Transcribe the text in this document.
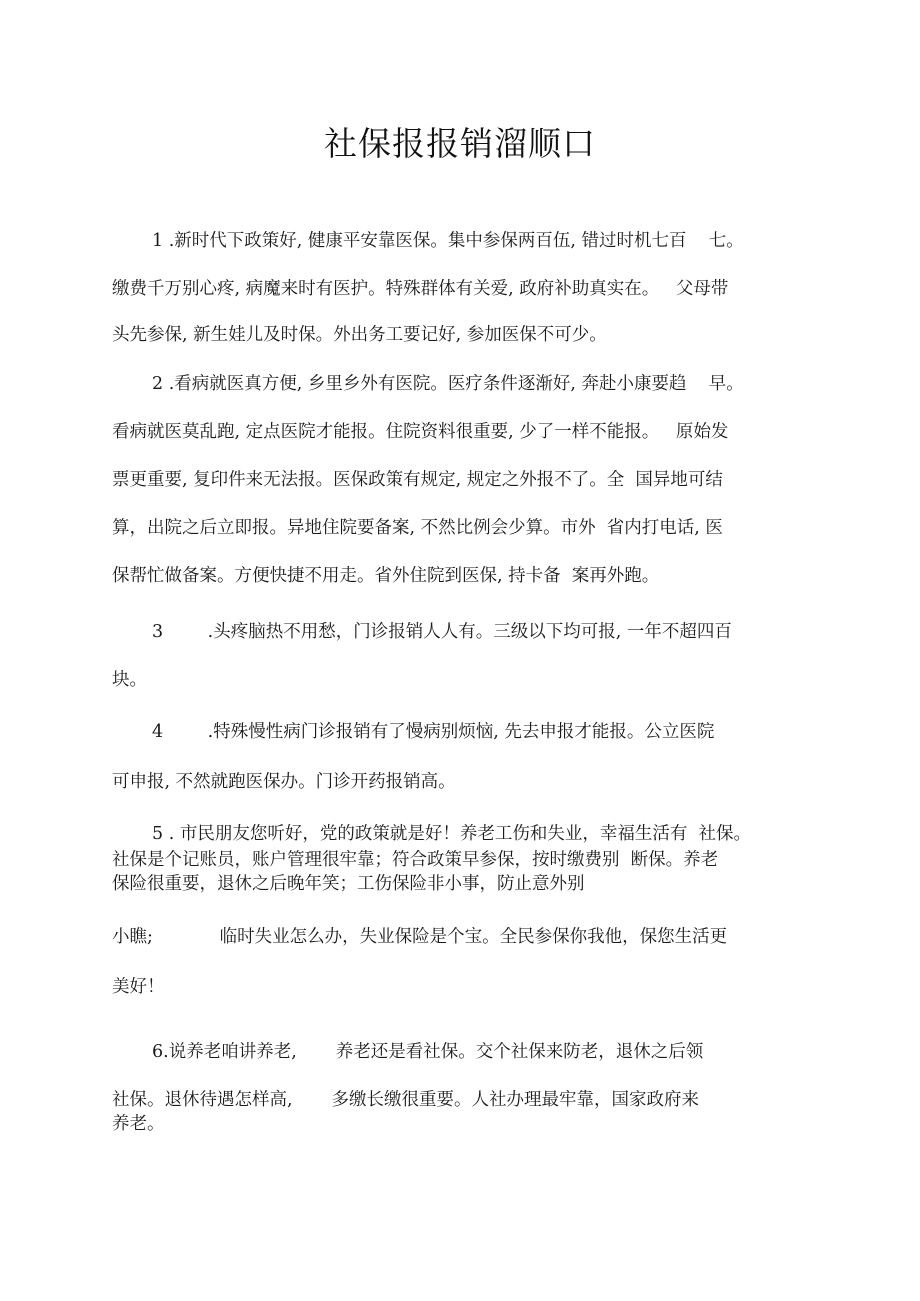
社保报报销溜顺口
1 .新时代下政策好, 健康平安靠医保。集中参保两百伍, 错过时机七百    七。
缴费千万别心疼, 病魔来时有医护。特殊群体有关爱, 政府补助真实在。   父母带
头先参保, 新生娃儿及时保。外出务工要记好, 参加医保不可少。
2 .看病就医真方便, 乡里乡外有医院。医疗条件逐渐好, 奔赴小康要趋    早。
看病就医莫乱跑, 定点医院才能报。住院资料很重要, 少了一样不能报。   原始发
票更重要, 复印件来无法报。医保政策有规定, 规定之外报不了。全  国异地可结
算，出院之后立即报。异地住院要备案, 不然比例会少算。市外  省内打电话, 医
保帮忙做备案。方便快捷不用走。省外住院到医保, 持卡备  案再外跑。
3        .头疼脑热不用愁，门诊报销人人有。三级以下均可报, 一年不超四百
块。
4        .特殊慢性病门诊报销有了慢病别烦恼, 先去申报才能报。公立医院
可申报, 不然就跑医保办。门诊开药报销高。
5 . 市民朋友您听好，党的政策就是好！养老工伤和失业，幸福生活有  社保。
社保是个记账员，账户管理很牢靠；符合政策早参保，按时缴费别  断保。养老
保险很重要，退休之后晚年笑；工伤保险非小事，防止意外别
小瞧;            临时失业怎么办，失业保险是个宝。全民参保你我他，保您生活更
美好！
6.说养老咱讲养老,       养老还是看社保。交个社保来防老，退休之后领
社保。退休待遇怎样高,       多缴长缴很重要。人社办理最牢靠，国家政府来
养老。
